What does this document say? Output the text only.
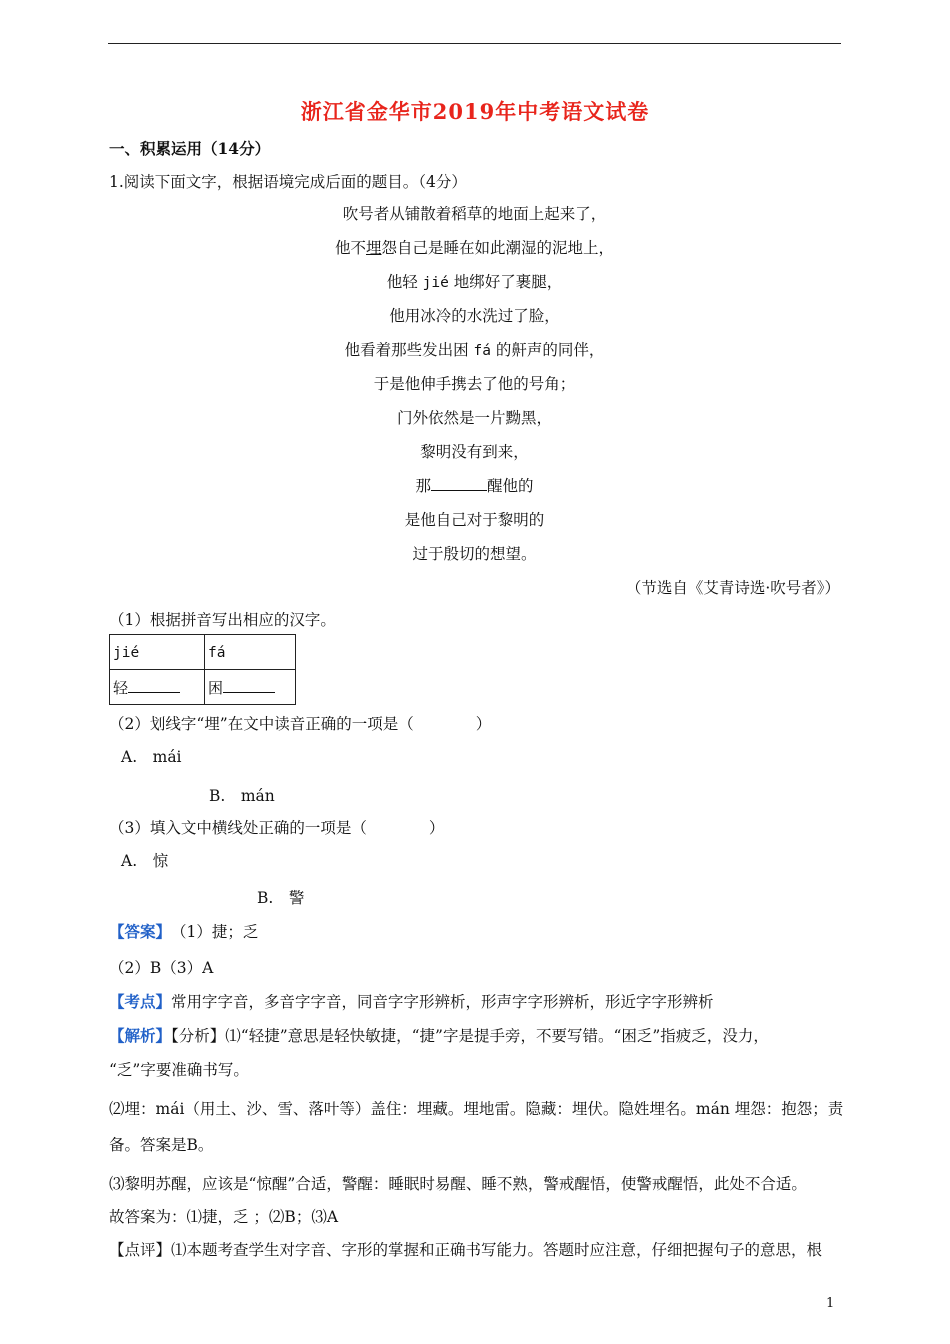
浙江省金华市2019年中考语文试卷
一、积累运用（14分）
1.阅读下面文字，根据语境完成后面的题目。（4分）
吹号者从铺散着稻草的地面上起来了，
他不埋怨自己是睡在如此潮湿的泥地上，
他轻 jié 地绑好了裹腿，
他用冰冷的水洗过了脸，
他看着那些发出困 fá 的鼾声的同伴，
于是他伸手携去了他的号角；
门外依然是一片黝黑，
黎明没有到来，
那	醒他的
是他自己对于黎明的
过于殷切的想望。
（节选自《艾青诗选·吹号者》）
（1）根据拼音写出相应的汉字。
jié	fá
轻	困
（2）划线字“埋”在文中读音正确的一项是（　　　　）
A.　mái
B.　mán
（3）填入文中横线处正确的一项是（　　　　）
A.　惊
B.　警
【答案】　（1）捷；乏
（2）B（3）A
【考点】常用字字音，多音字字音，同音字字形辨析，形声字字形辨析，形近字字形辨析
【解析】【分析】⑴“轻捷”意思是轻快敏捷，“捷”字是提手旁，不要写错。“困乏”指疲乏，没力，
“乏”字要准确书写。
⑵埋：mái（用土、沙、雪、落叶等）盖住：埋藏。埋地雷。隐藏：埋伏。隐姓埋名。mán 埋怨：抱怨；责
备。答案是B。
⑶黎明苏醒，应该是“惊醒”合适，警醒：睡眠时易醒、睡不熟，警戒醒悟，使警戒醒悟，此处不合适。
故答案为：⑴捷，乏 ；⑵B；⑶A
【点评】⑴本题考查学生对字音、字形的掌握和正确书写能力。答题时应注意，仔细把握句子的意思，根
1
